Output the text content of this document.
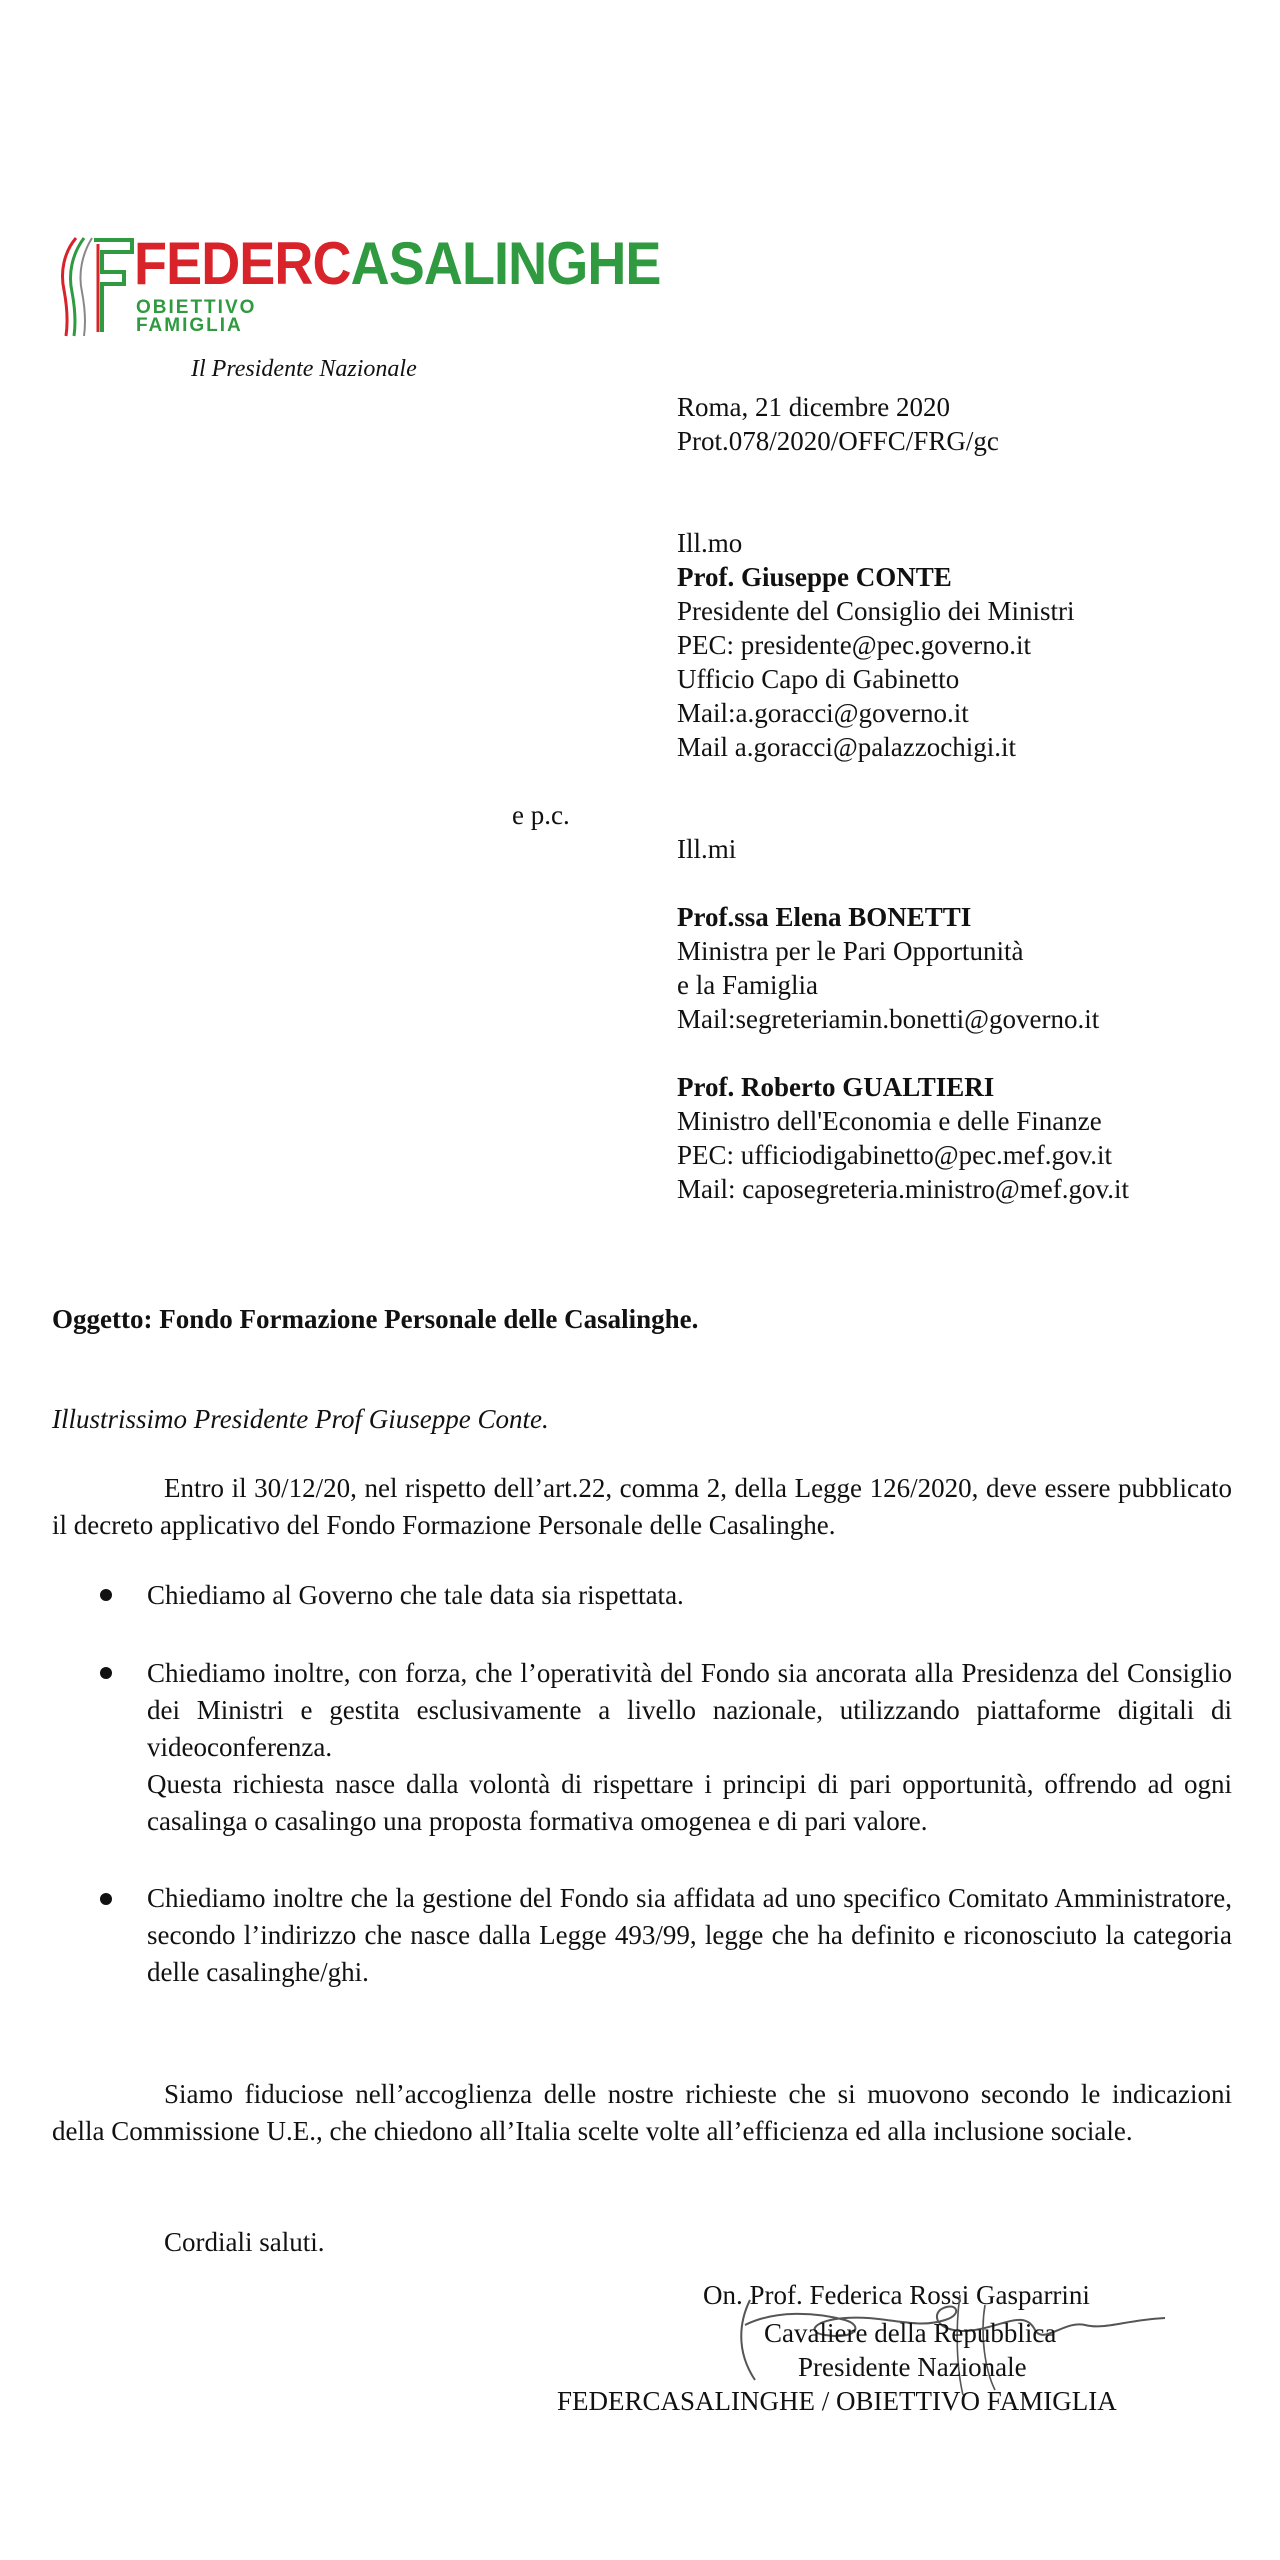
FEDERCASALINGHE
OBIETTIVO
FAMIGLIA
Il Presidente Nazionale
Roma, 21 dicembre 2020
Prot.078/2020/OFFC/FRG/gc
Ill.mo
Prof. Giuseppe CONTE
Presidente del Consiglio dei Ministri
PEC: presidente@pec.governo.it
Ufficio Capo di Gabinetto
Mail:a.goracci@governo.it
Mail a.goracci@palazzochigi.it
e p.c.
Ill.mi
Prof.ssa Elena BONETTI
Ministra per le Pari Opportunità
e la Famiglia
Mail:segreteriamin.bonetti@governo.it
Prof. Roberto GUALTIERI
Ministro dell'Economia e delle Finanze
PEC: ufficiodigabinetto@pec.mef.gov.it
Mail: caposegreteria.ministro@mef.gov.it
Oggetto: Fondo Formazione Personale delle Casalinghe.
Illustrissimo Presidente Prof Giuseppe Conte.
Entro il 30/12/20, nel rispetto dell’art.22, comma 2, della Legge 126/2020, deve essere pubblicato il decreto applicativo del Fondo Formazione Personale delle Casalinghe.
Chiediamo al Governo che tale data sia rispettata.
Chiediamo inoltre, con forza, che l’operatività del Fondo sia ancorata alla Presidenza del Consiglio dei Ministri e gestita esclusivamente a livello nazionale, utilizzando piattaforme digitali di videoconferenza.
Questa richiesta nasce dalla volontà di rispettare i principi di pari opportunità, offrendo ad ogni casalinga o casalingo una proposta formativa omogenea e di pari valore.
Chiediamo inoltre che la gestione del Fondo sia affidata ad uno specifico Comitato Amministratore, secondo l’indirizzo che nasce dalla Legge 493/99, legge che ha definito e riconosciuto la categoria delle casalinghe/ghi.
Siamo fiduciose nell’accoglienza delle nostre richieste che si muovono secondo le indicazioni della Commissione U.E., che chiedono all’Italia scelte volte all’efficienza ed alla inclusione sociale.
Cordiali saluti.
On. Prof. Federica Rossi Gasparrini
Cavaliere della Repubblica
Presidente Nazionale
FEDERCASALINGHE / OBIETTIVO FAMIGLIA
